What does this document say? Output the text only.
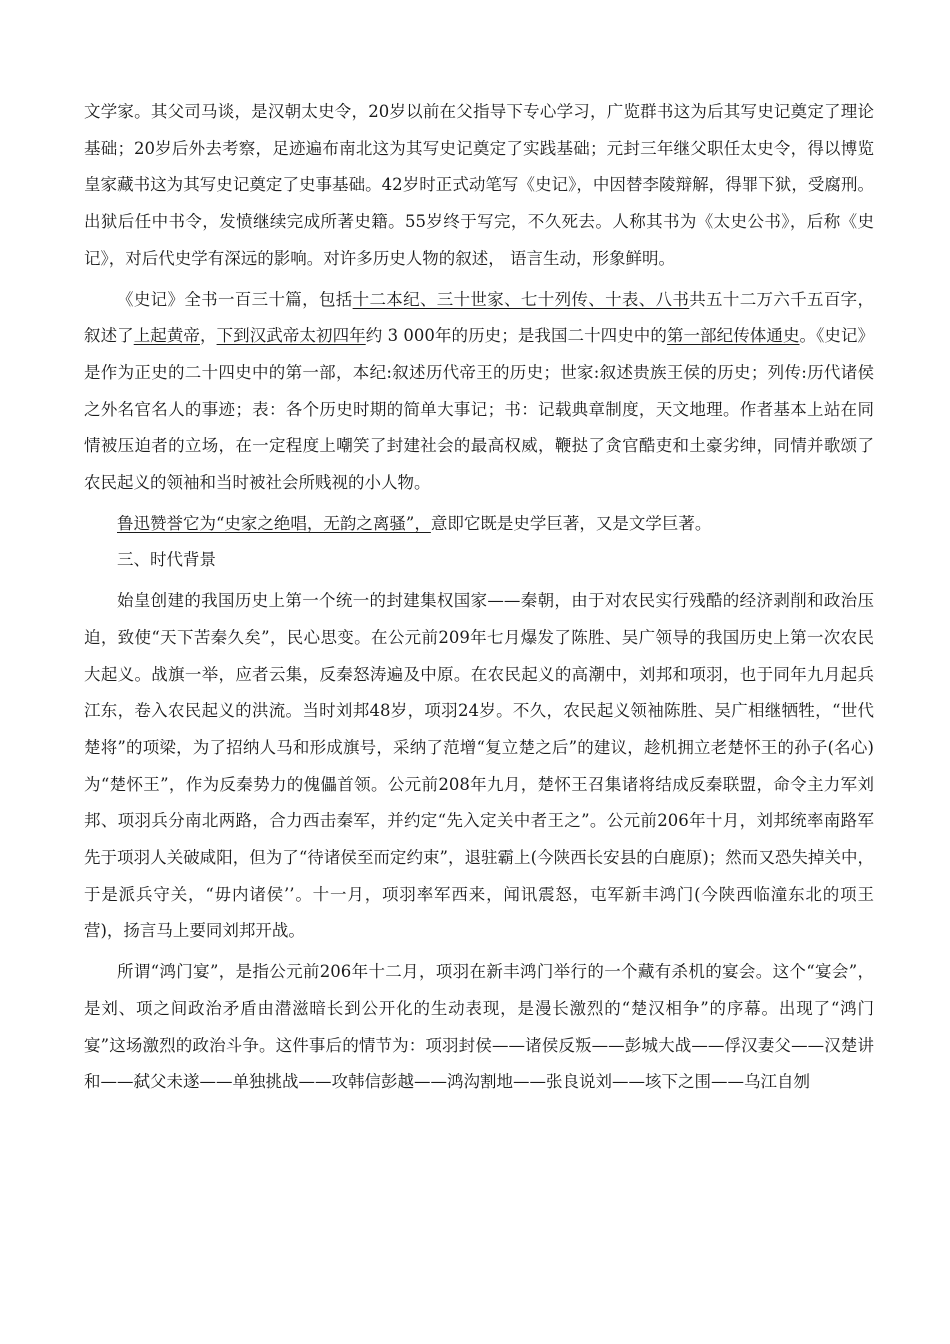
文学家。其父司马谈，是汉朝太史令，20岁以前在父指导下专心学习，广览群书这为后其写史记奠定了理论基础；20岁后外去考察，足迹遍布南北这为其写史记奠定了实践基础；元封三年继父职任太史令，得以博览皇家藏书这为其写史记奠定了史事基础。42岁时正式动笔写《史记》，中因替李陵辩解，得罪下狱，受腐刑。出狱后任中书令，发愤继续完成所著史籍。55岁终于写完，不久死去。人称其书为《太史公书》，后称《史记》，对后代史学有深远的影响。对许多历史人物的叙述， 语言生动，形象鲜明。

《史记》全书一百三十篇，包括十二本纪、三十世家、七十列传、十表、八书共五十二万六千五百字，叙述了上起黄帝，下到汉武帝太初四年约 3 000年的历史；是我国二十四史中的第一部纪传体通史。《史记》是作为正史的二十四史中的第一部，本纪:叙述历代帝王的历史；世家:叙述贵族王侯的历史；列传:历代诸侯之外名官名人的事迹；表：各个历史时期的简单大事记；书：记载典章制度，天文地理。作者基本上站在同情被压迫者的立场，在一定程度上嘲笑了封建社会的最高权威，鞭挞了贪官酷吏和土豪劣绅，同情并歌颂了农民起义的领袖和当时被社会所贱视的小人物。

鲁迅赞誉它为“史家之绝唱，无韵之离骚”，意即它既是史学巨著，又是文学巨著。

三、时代背景

始皇创建的我国历史上第一个统一的封建集权国家——秦朝，由于对农民实行残酷的经济剥削和政治压迫，致使“天下苦秦久矣”，民心思变。在公元前209年七月爆发了陈胜、吴广领导的我国历史上第一次农民大起义。战旗一举，应者云集，反秦怒涛遍及中原。在农民起义的高潮中，刘邦和项羽，也于同年九月起兵江东，卷入农民起义的洪流。当时刘邦48岁，项羽24岁。不久，农民起义领袖陈胜、吴广相继牺牲，“世代楚将”的项梁，为了招纳人马和形成旗号，采纳了范增“复立楚之后”的建议，趁机拥立老楚怀王的孙子(名心)为“楚怀王”，作为反秦势力的傀儡首领。公元前208年九月，楚怀王召集诸将结成反秦联盟，命令主力军刘邦、项羽兵分南北两路，合力西击秦军，并约定“先入定关中者王之”。公元前206年十月，刘邦统率南路军先于项羽人关破咸阳，但为了“待诸侯至而定约束”，退驻霸上(今陕西长安县的白鹿原)；然而又恐失掉关中，于是派兵守关，“毋内诸侯’’。十一月，项羽率军西来，闻讯震怒，屯军新丰鸿门(今陕西临潼东北的项王营)，扬言马上要同刘邦开战。

所谓“鸿门宴”，是指公元前206年十二月，项羽在新丰鸿门举行的一个藏有杀机的宴会。这个“宴会”，是刘、项之间政治矛盾由潜滋暗长到公开化的生动表现，是漫长激烈的“楚汉相争”的序幕。出现了“鸿门宴”这场激烈的政治斗争。这件事后的情节为：项羽封侯——诸侯反叛——彭城大战——俘汉妻父——汉楚讲和——弑父未遂——单独挑战——攻韩信彭越——鸿沟割地——张良说刘——垓下之围——乌江自刎
